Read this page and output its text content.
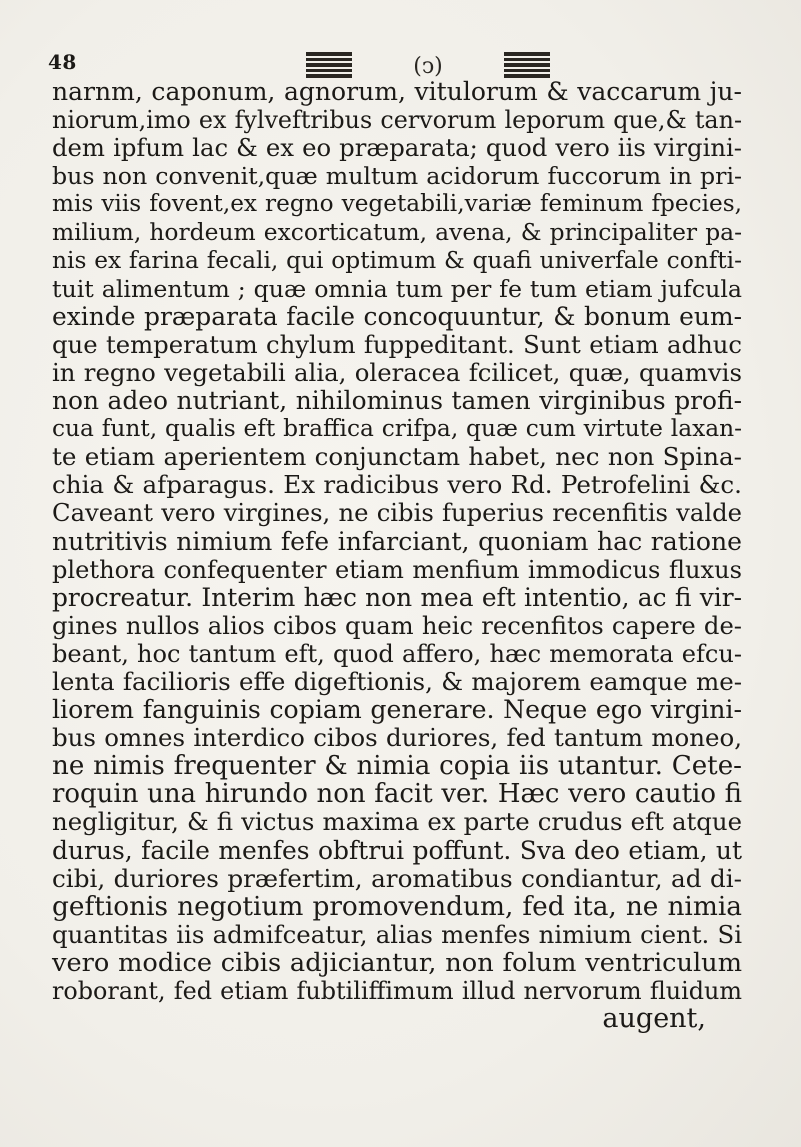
48	(ↄ)
narnm, caponum, agnorum, vitulorum & vaccarum ju-
niorum,imo ex fylveftribus cervorum leporum que,& tan-
dem ipfum lac & ex eo præparata; quod vero iis virgini-
bus non convenit,quæ multum acidorum fuccorum in pri-
mis viis fovent,ex regno vegetabili,variæ feminum fpecies,
milium, hordeum excorticatum, avena, & principaliter pa-
nis ex farina fecali, qui optimum & quafi univerfale confti-
tuit alimentum ; quæ omnia tum per fe tum etiam jufcula
exinde præparata facile concoquuntur, & bonum eum-
que temperatum chylum fuppeditant. Sunt etiam adhuc
in regno vegetabili alia, oleracea fcilicet, quæ, quamvis
non adeo nutriant, nihilominus tamen virginibus profi-
cua funt, qualis eft braffica crifpa, quæ cum virtute laxan-
te etiam aperientem conjunctam habet, nec non Spina-
chia & afparagus. Ex radicibus vero Rd. Petrofelini &c.
Caveant vero virgines, ne cibis fuperius recenfitis valde
nutritivis nimium fefe infarciant, quoniam hac ratione
plethora confequenter etiam menfium immodicus fluxus
procreatur. Interim hæc non mea eft intentio, ac fi vir-
gines nullos alios cibos quam heic recenfitos capere de-
beant, hoc tantum eft, quod affero, hæc memorata efcu-
lenta facilioris effe digeftionis, & majorem eamque me-
liorem fanguinis copiam generare. Neque ego virgini-
bus omnes interdico cibos duriores, fed tantum moneo,
ne nimis frequenter & nimia copia iis utantur. Cete-
roquin una hirundo non facit ver. Hæc vero cautio fi
negligitur, & fi victus maxima ex parte crudus eft atque
durus, facile menfes obftrui poffunt. Sva deo etiam, ut
cibi, duriores præfertim, aromatibus condiantur, ad di-
geftionis negotium promovendum, fed ita, ne nimia
quantitas iis admifceatur, alias menfes nimium cient. Si
vero modice cibis adjiciantur, non folum ventriculum
roborant, fed etiam fubtiliffimum illud nervorum fluidum
augent,
